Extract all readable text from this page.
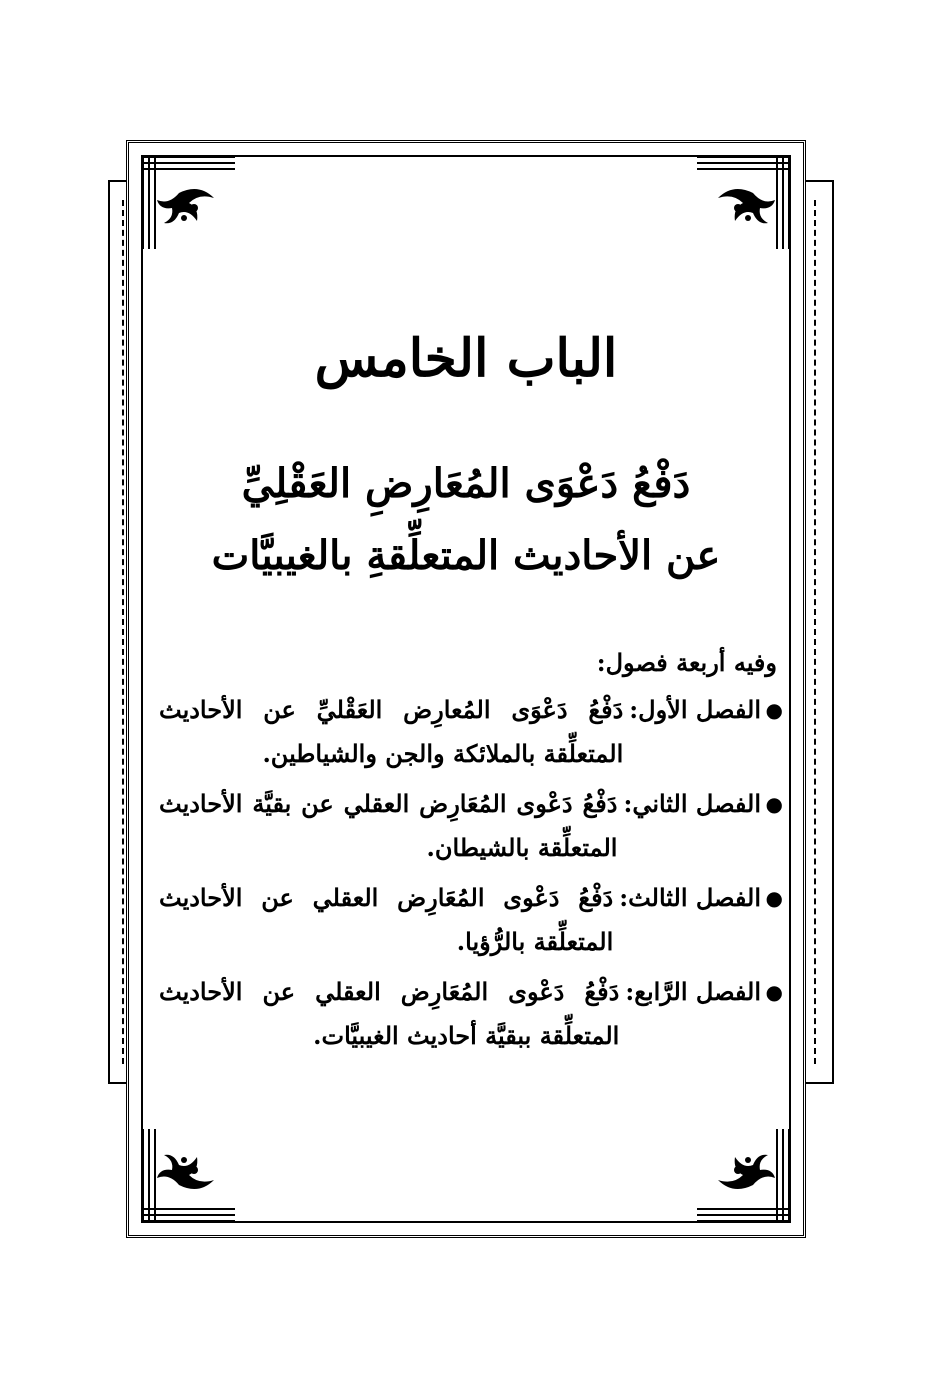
الباب الخامس
دَفْعُ دَعْوَى المُعَارِضِ العَقْلِيِّ
عن الأحاديث المتعلِّقةِ بالغيبيَّات
وفيه أربعة فصول:
●
الفصل الأول:
دَفْعُ دَعْوَى المُعارِض العَقْليِّ عن الأحاديث المتعلِّقة بالملائكة والجن والشياطين.
●
الفصل الثاني:
دَفْعُ دَعْوى المُعَارِض العقلي عن بقيَّة الأحاديث المتعلِّقة بالشيطان.
●
الفصل الثالث:
دَفْعُ دَعْوى المُعَارِض العقلي عن الأحاديث المتعلِّقة بالرُّؤيا.
●
الفصل الرَّابع:
دَفْعُ دَعْوى المُعَارِض العقلي عن الأحاديث المتعلِّقة ببقيَّة أحاديث الغيبيَّات.
